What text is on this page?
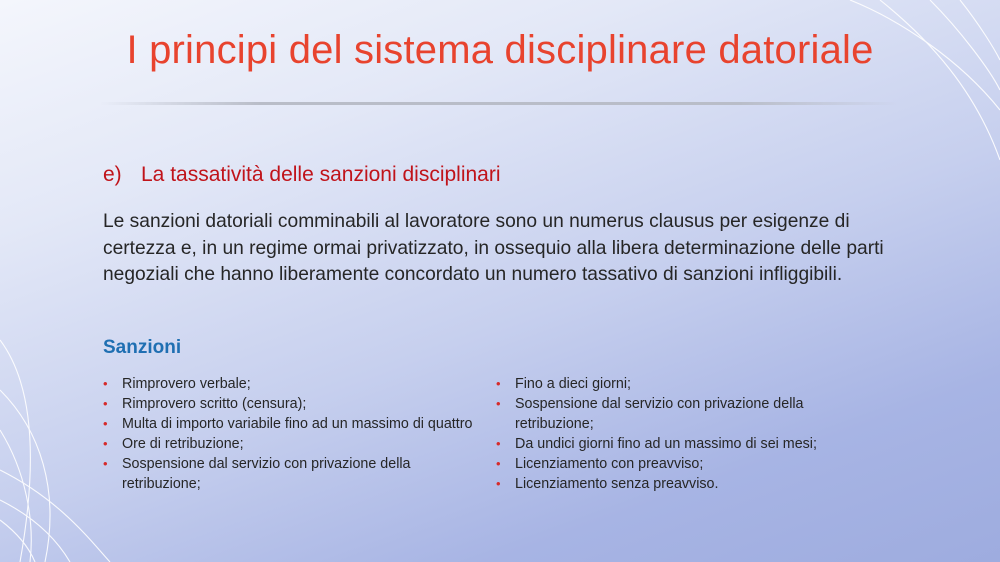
I principi del sistema disciplinare datoriale
e) La tassatività delle sanzioni disciplinari
Le sanzioni datoriali comminabili al lavoratore sono un numerus clausus per esigenze di certezza e, in un regime ormai privatizzato, in ossequio alla libera determinazione delle parti negoziali che hanno liberamente concordato un numero tassativo di sanzioni infliggibili.
Sanzioni
• Rimprovero verbale;
• Rimprovero scritto (censura);
• Multa di importo variabile fino ad un massimo di quattro
• Ore di retribuzione;
• Sospensione dal servizio con privazione della retribuzione;
• Fino a dieci giorni;
• Sospensione dal servizio con privazione della retribuzione;
• Da undici giorni fino ad un massimo di sei mesi;
• Licenziamento con preavviso;
• Licenziamento senza preavviso.
